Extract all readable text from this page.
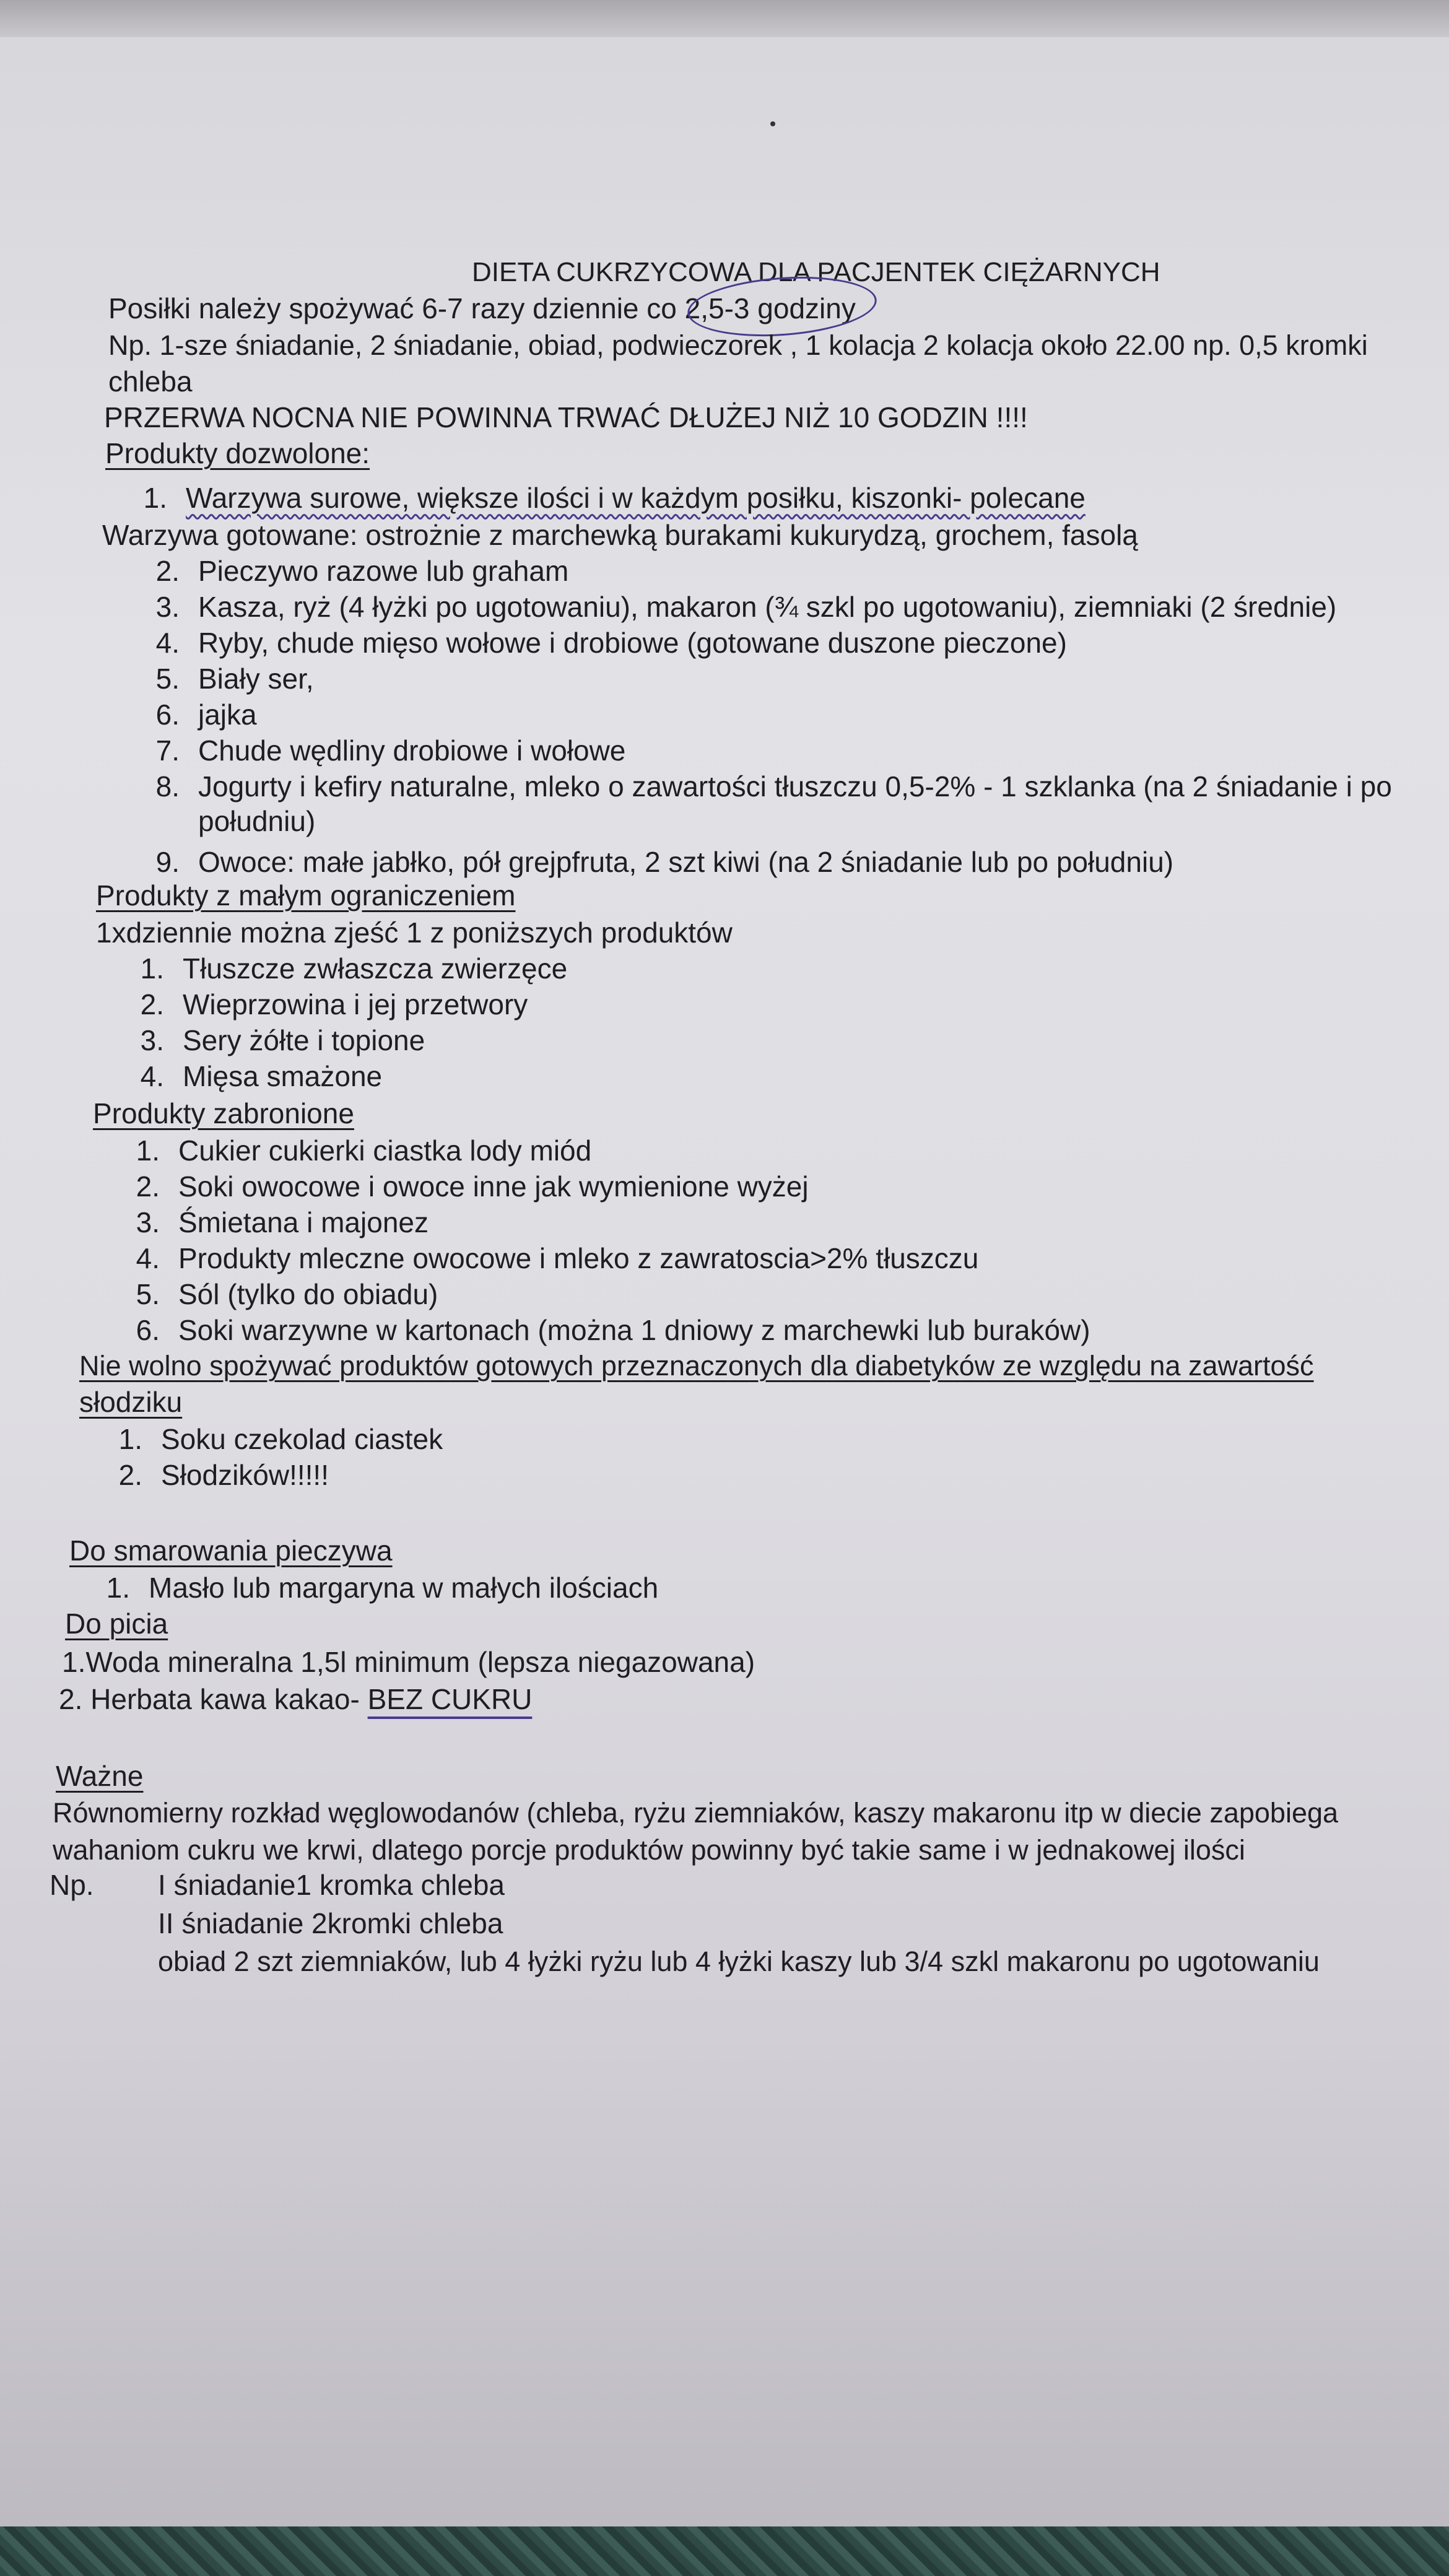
DIETA CUKRZYCOWA DLA PACJENTEK CIĘŻARNYCH
Posiłki należy spożywać 6-7 razy dziennie co 2,5-3 godziny
Np. 1-sze śniadanie, 2 śniadanie, obiad, podwieczorek , 1 kolacja 2 kolacja około 22.00 np. 0,5 kromki
chleba
PRZERWA NOCNA NIE POWINNA TRWAĆ DŁUŻEJ NIŻ 10 GODZIN !!!!
Produkty dozwolone:
1. Warzywa surowe, większe ilości i w każdym posiłku, kiszonki- polecane
Warzywa gotowane: ostrożnie z marchewką burakami kukurydzą, grochem, fasolą
2. Pieczywo razowe lub graham
3. Kasza, ryż (4 łyżki po ugotowaniu), makaron (¾ szkl po ugotowaniu), ziemniaki (2 średnie)
4. Ryby, chude mięso wołowe i drobiowe (gotowane duszone pieczone)
5. Biały ser,
6. jajka
7. Chude wędliny drobiowe i wołowe
8. Jogurty i kefiry naturalne, mleko o zawartości tłuszczu 0,5-2% - 1 szklanka (na 2 śniadanie i po
południu)
9. Owoce: małe jabłko, pół grejpfruta, 2 szt kiwi (na 2 śniadanie lub po południu)
Produkty z małym ograniczeniem
1xdziennie można zjeść 1 z poniższych produktów
1. Tłuszcze zwłaszcza zwierzęce
2. Wieprzowina i jej przetwory
3. Sery żółte i topione
4. Mięsa smażone
Produkty zabronione
1. Cukier cukierki ciastka lody miód
2. Soki owocowe i owoce inne jak wymienione wyżej
3. Śmietana i majonez
4. Produkty mleczne owocowe i mleko z zawratoscia>2% tłuszczu
5. Sól (tylko do obiadu)
6. Soki warzywne w kartonach (można 1 dniowy z marchewki lub buraków)
Nie wolno spożywać produktów gotowych przeznaczonych dla diabetyków ze względu na zawartość
słodziku
1. Soku czekolad ciastek
2. Słodzików!!!!!
Do smarowania pieczywa
1. Masło lub margaryna w małych ilościach
Do picia
1.Woda mineralna 1,5l minimum (lepsza niegazowana)
2. Herbata kawa kakao- BEZ CUKRU
Ważne
Równomierny rozkład węglowodanów (chleba, ryżu ziemniaków, kaszy makaronu itp w diecie zapobiega
wahaniom cukru we krwi, dlatego porcje produktów powinny być takie same i w jednakowej ilości
Np. I śniadanie1 kromka chleba
II śniadanie 2kromki chleba
obiad 2 szt ziemniaków, lub 4 łyżki ryżu lub 4 łyżki kaszy lub 3/4 szkl makaronu po ugotowaniu
